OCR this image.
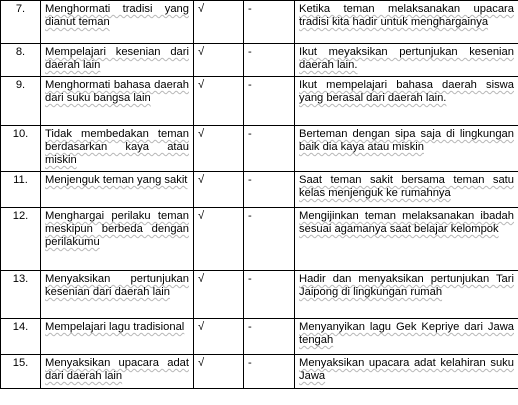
7.	Menghormati tradisi yang dianut teman	√	-	Ketika teman melaksanakan upacara tradisi kita hadir untuk menghargainya
8.	Mempelajari kesenian dari daerah lain	√	-	Ikut meyaksikan pertunjukan kesenian daerah lain.
9.	Menghormati bahasa daerah dari suku bangsa lain	√	-	Ikut mempelajari bahasa daerah siswa yang berasal dari daerah lain.
10.	Tidak membedakan teman berdasarkan kaya atau miskin	√	-	Berteman dengan sipa saja di lingkungan baik dia kaya atau miskin
11.	Menjenguk teman yang sakit	√	-	Saat teman sakit bersama teman satu kelas menjenguk ke rumahnya
12.	Menghargai perilaku teman meskipun berbeda dengan perilakumu	√	-	Mengijinkan teman melaksanakan ibadah sesuai agamanya saat belajar kelompok
13.	Menyaksikan pertunjukan kesenian dari daerah lain	√	-	Hadir dan menyaksikan pertunjukan Tari Jaipong di lingkungan rumah
14.	Mempelajari lagu tradisional	√	-	Menyanyikan lagu Gek Kepriye dari Jawa tengah
15.	Menyaksikan upacara adat dari daerah lain	√	-	Menyaksikan upacara adat kelahiran suku Jawa
